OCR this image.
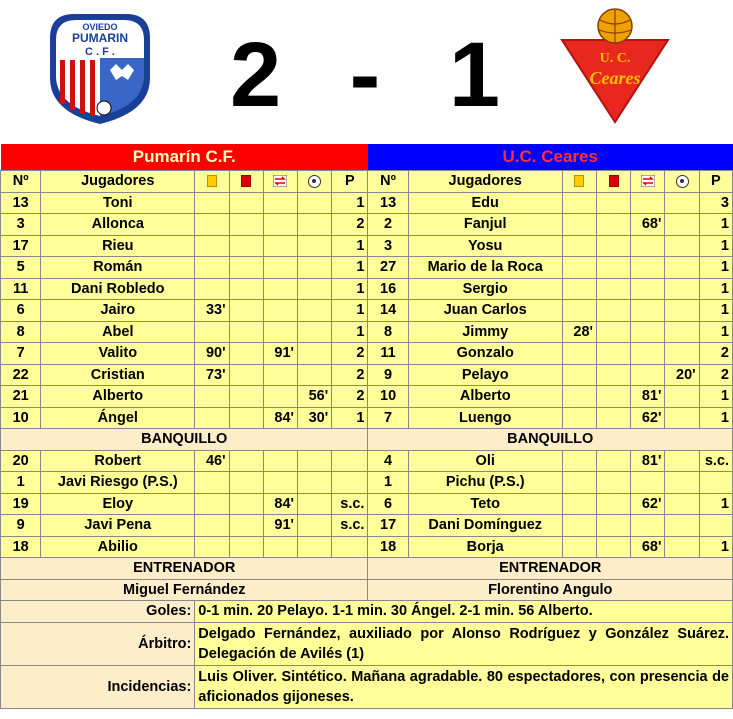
OVIEDO
PUMARIN
C . F . 2 - 1	U. C.
Ceares
Pumarín C.F.							U.C. Ceares						
Nº	Jugadores					P	Nº	Jugadores					P
13	Toni					1	13	Edu					3
3	Allonca					2	2	Fanjul			68'		1
17	Rieu					1	3	Yosu					1
5	Román					1	27	Mario de la Roca					1
11	Dani Robledo					1	16	Sergio					1
6	Jairo	33'				1	14	Juan Carlos					1
8	Abel					1	8	Jimmy	28'				1
7	Valito	90'		91'		2	11	Gonzalo					2
22	Cristian	73'				2	9	Pelayo				20'	2
21	Alberto				56'	2	10	Alberto			81'		1
10	Ángel			84'	30'	1	7	Luengo			62'		1
BANQUILLO							BANQUILLO						
20	Robert	46'					4	Oli			81'		s.c.
1	Javi Riesgo (P.S.)						1	Pichu (P.S.)					
19	Eloy			84'		s.c.	6	Teto			62'		1
9	Javi Pena			91'		s.c.	17	Dani Domínguez					
18	Abilio						18	Borja			68'		1
ENTRENADOR							ENTRENADOR						
Miguel Fernández							Florentino Angulo						
Goles:		0-1 min. 20 Pelayo. 1-1 min. 30 Ángel. 2-1 min. 56 Alberto.											
Árbitro:		Delgado Fernández, auxiliado por Alonso Rodríguez y González Suárez. Delegación de Avilés (1)											
Incidencias:		Luis Oliver. Sintético. Mañana agradable. 80 espectadores, con presencia de aficionados gijoneses.											
